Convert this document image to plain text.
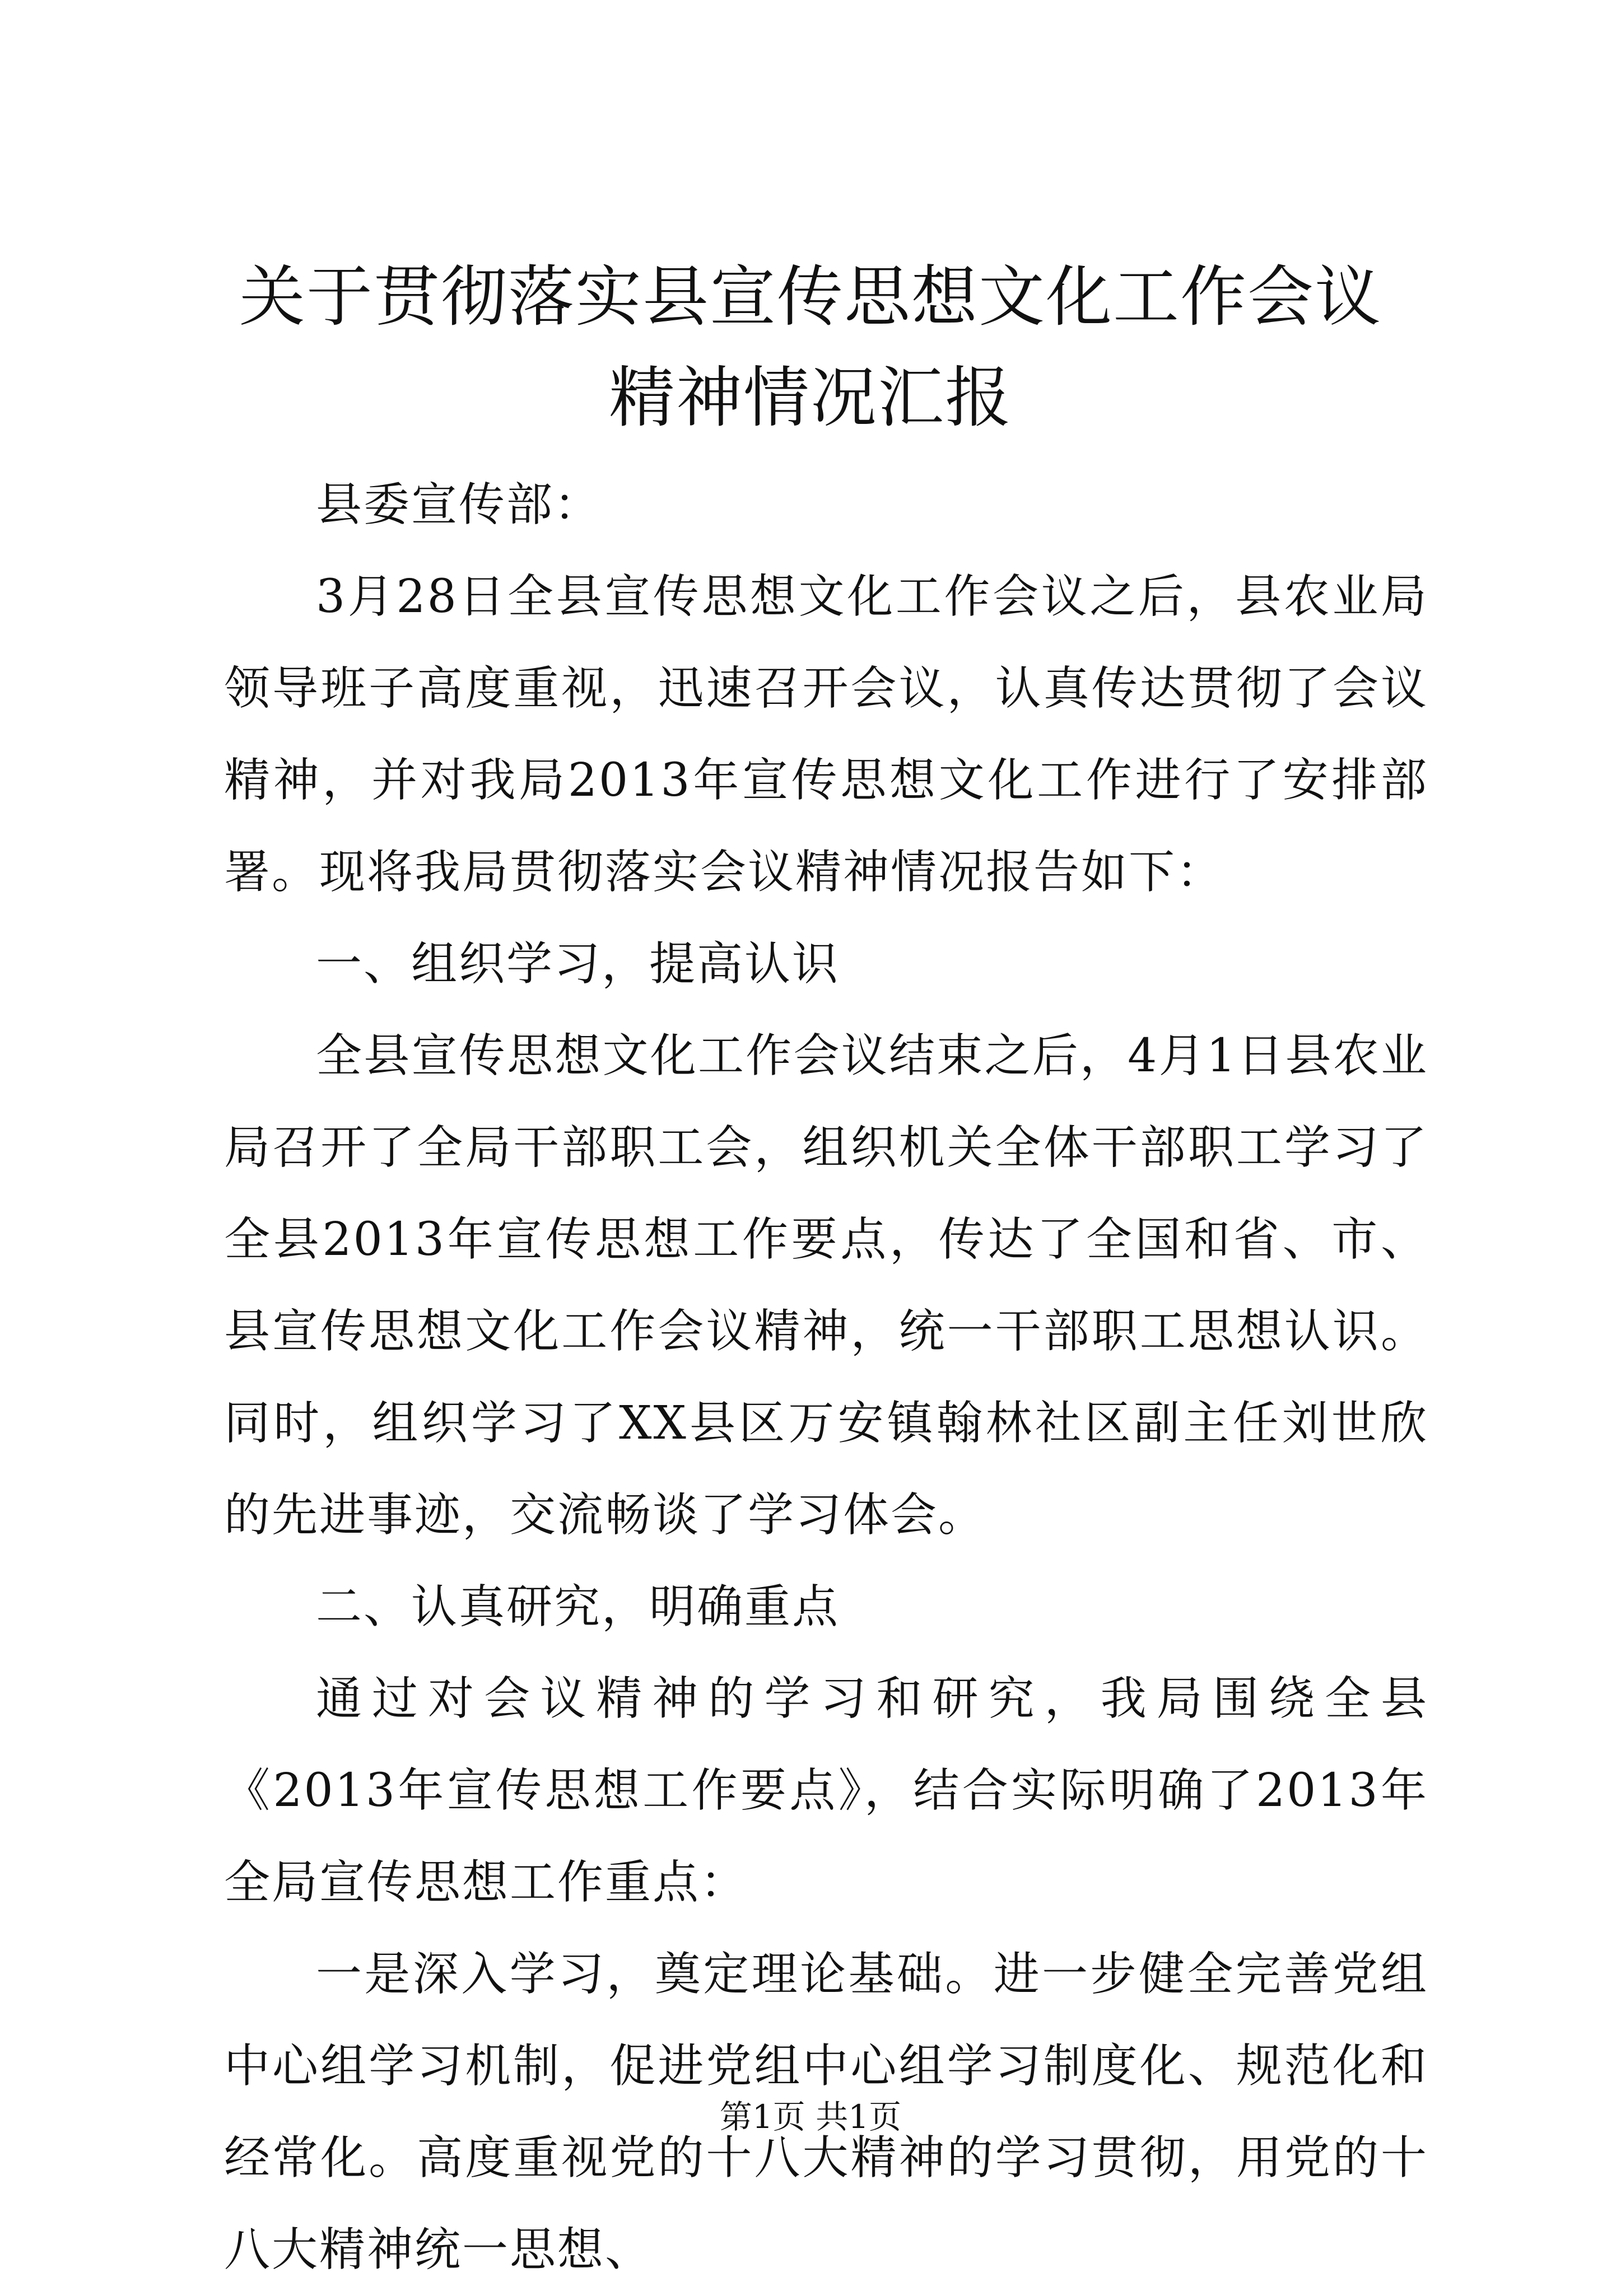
关于贯彻落实县宣传思想文化工作会议精神情况汇报

县委宣传部：

3月28日全县宣传思想文化工作会议之后，县农业局领导班子高度重视，迅速召开会议，认真传达贯彻了会议精神，并对我局2013年宣传思想文化工作进行了安排部署。现将我局贯彻落实会议精神情况报告如下：

一、组织学习，提高认识

全县宣传思想文化工作会议结束之后，4月1日县农业局召开了全局干部职工会，组织机关全体干部职工学习了全县2013年宣传思想工作要点，传达了全国和省、市、县宣传思想文化工作会议精神，统一干部职工思想认识。同时，组织学习了XX县区万安镇翰林社区副主任刘世欣的先进事迹，交流畅谈了学习体会。

二、认真研究，明确重点

通过对会议精神的学习和研究，我局围绕全县《2013年宣传思想工作要点》，结合实际明确了2013年全局宣传思想工作重点：

一是深入学习，奠定理论基础。进一步健全完善党组中心组学习机制，促进党组中心组学习制度化、规范化和经常化。高度重视党的十八大精神的学习贯彻，用党的十八大精神统一思想、

第1页 共1页
